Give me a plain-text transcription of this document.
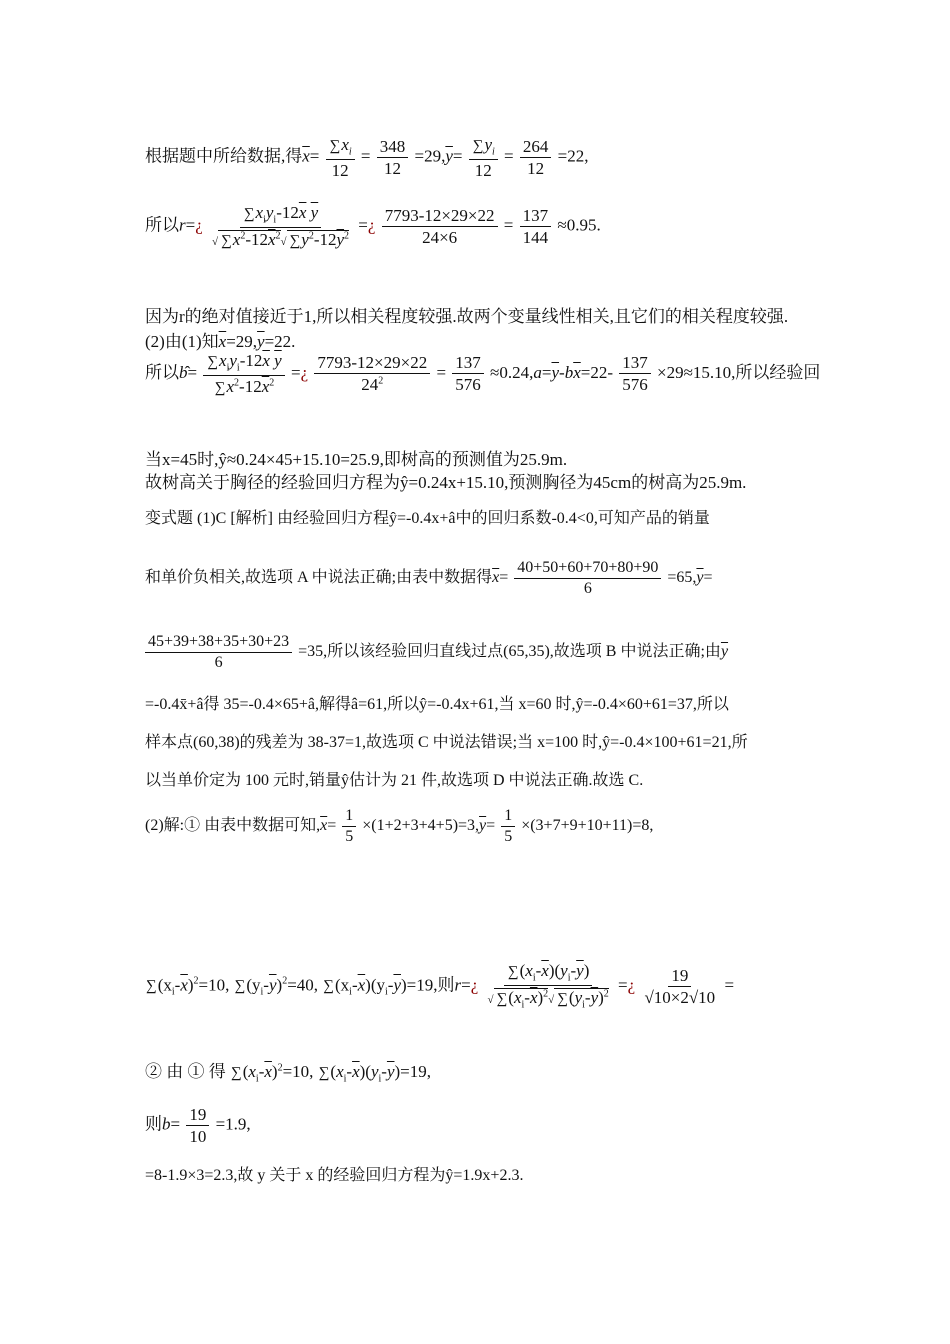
根据题中所给数据,得$\overline{x}= \frac{\sum x_i}{12} = \frac{348}{12} =29,\overline{y}= \frac{\sum y_i}{12} = \frac{264}{12} =22$,
所以r=¿
∑ $x_iy_i-12\overline{x}$ $\overline{y}$
√ ∑ $x^2-12\overline{x}^2√$ ∑ $y^2-12\overline{y}^2$
=¿ $\frac{7793-12\times 29\times 22}{24\times 6} = \frac{137}{144} \approx 0.95$.
因为r的绝对值接近于1,所以相关程度较强.故两个变量线性相关,且它们的相关程度较强.
(2)由(1)知$\overline{x}=29,\overline{y}=22$.
所以b=
∑ $x_iy_i-12\overline{x}$ $\overline{y}$
∑ $x^2-12\overline{x}^2$
=¿ $\frac{7793-12\times 29\times 22}{24^2} = \frac{137}{576} \approx 0.24,a=\overline{y}-b\overline{x}=22- \frac{137}{576} \times 29\approx 15.10$,所以经验回
当x=45时,ŷ≈0.24×45+15.10=25.9,即树高的预测值为25.9m.
故树高关于胸径的经验回归方程为ŷ=0.24x+15.10,预测胸径为45cm的树高为25.9m.
变式题 (1)C [解析] 由经验回归方程ŷ=-0.4x+â中的回归系数-0.4<0,可知产品的销量
和单价负相关,故选项 A 中说法正确;由表中数据得$\overline{x}= \frac{40+50+60+70+80+90}{6} =65,\overline{y}=$
$\frac{45+39+38+35+30+23}{6} =35$,所以该经验回归直线过点(65,35),故选项 B 中说法正确;由$\overline{y}$
=-0.4x̄+â得 35=-0.4×65+â,解得â=61,所以ŷ=-0.4x+61,当 x=60 时,ŷ=-0.4×60+61=37,所以
样本点(60,38)的残差为 38-37=1,故选项 C 中说法错误;当 x=100 时,ŷ=-0.4×100+61=21,所
以当单价定为 100 元时,销量ŷ估计为 21 件,故选项 D 中说法正确.故选 C.
(2)解:① 由表中数据可知$,\overline{x}= \frac{1}{5} \times(1+2+3+4+5)=3,\overline{y}= \frac{1}{5} \times(3+7+9+10+11)=8$,
∑ $(x_i-\overline{x})^2=10$, ∑ $(y_i-\overline{y})^2=40$, ∑ $(x_i-\overline{x})(y_i-\overline{y})=19$,则r=¿ $\frac{\sum (x_i-\overline{x})(y_i-\overline{y})}{√ \sum (x_i-\overline{x})^2√ \sum (y_i-\overline{y})^2}$ =¿ $\frac{19}{√10\times 2√10}$ =
② 由 ① 得 ∑ $(x_i-\overline{x})^2=10$, ∑ $(x_i-\overline{x})(y_i-\overline{y})=19$,
则$b= \frac{19}{10} =1.9$,
=8-1.9×3=2.3,故 y 关于 x 的经验回归方程为ŷ=1.9x+2.3.
